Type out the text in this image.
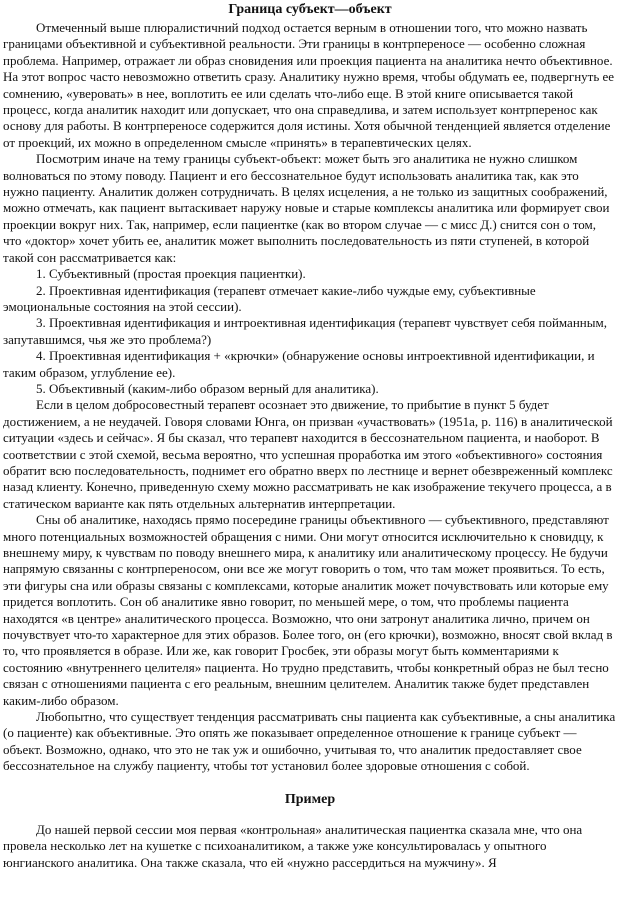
Граница субъект—объект

Отмеченный выше плюралистичний подход остается верным в отношении того, что можно назвать границами объективной и субъективной реальности. Эти границы в контрпереносе — особенно сложная проблема. Например, отражает ли образ сновидения или проекция пациента на аналитика нечто объективное. На этот вопрос часто невозможно ответить сразу. Аналитику нужно время, чтобы обдумать ее, подвергнуть ее сомнению, «уверовать» в нее, воплотить ее или сделать что-либо еще. В этой книге описывается такой процесс, когда аналитик находит или допускает, что она справедлива, и затем использует контрперенос как основу для работы. В контрпереносе содержится доля истины. Хотя обычной тенденцией является отделение от проекций, их можно в определенном смысле «принять» в терапевтических целях.

Посмотрим иначе на тему границы субъект-объект: может быть эго аналитика не нужно слишком волноваться по этому поводу. Пациент и его бессознательное будут использовать аналитика так, как это нужно пациенту. Аналитик должен сотрудничать. В целях исцеления, а не только из защитных соображений, можно отмечать, как пациент вытаскивает наружу новые и старые комплексы аналитика или формирует свои проекции вокруг них. Так, например, если пациентке (как во втором случае — с мисс Д.) снится сон о том, что «доктор» хочет убить ее, аналитик может выполнить последовательность из пяти ступеней, в которой такой сон рассматривается как:

1. Субъективный (простая проекция пациентки).

2. Проективная идентификация (терапевт отмечает какие-либо чуждые ему, субъективные эмоциональные состояния на этой сессии).

3. Проективная идентификация и интроективная идентификация (терапевт чувствует себя пойманным, запутавшимся, чья же это проблема?)

4. Проективная идентификация + «крючки» (обнаружение основы интроективной идентификации, и таким образом, углубление ее).

5. Объективный (каким-либо образом верный для аналитика).

Если в целом добросовестный терапевт осознает это движение, то прибытие в пункт 5 будет достижением, а не неудачей. Говоря словами Юнга, он призван «участвовать» (1951а, р. 116) в аналитической ситуации «здесь и сейчас». Я бы сказал, что терапевт находится в бессознательном пациента, и наоборот. В соответствии с этой схемой, весьма вероятно, что успешная проработка им этого «объективного» состояния обратит всю последовательность, поднимет его обратно вверх по лестнице и вернет обезвреженный комплекс назад клиенту. Конечно, приведенную схему можно рассматривать не как изображение текучего процесса, а в статическом варианте как пять отдельных альтернатив интерпретации.

Сны об аналитике, находясь прямо посередине границы объективного — субъективного, представляют много потенциальных возможностей обращения с ними. Они могут относится исключительно к сновидцу, к внешнему миру, к чувствам по поводу внешнего мира, к аналитику или аналитическому процессу. Не будучи напрямую связанны с контрпереносом, они все же могут говорить о том, что там может проявиться. То есть, эти фигуры сна или образы связаны с комплексами, которые аналитик может почувствовать или которые ему придется воплотить. Сон об аналитике явно говорит, по меньшей мере, о том, что проблемы пациента находятся «в центре» аналитического процесса. Возможно, что они затронут аналитика лично, причем он почувствует что-то характерное для этих образов. Более того, он (его крючки), возможно, вносят свой вклад в то, что проявляется в образе. Или же, как говорит Гросбек, эти образы могут быть комментариями к состоянию «внутреннего целителя» пациента. Но трудно представить, чтобы конкретный образ не был тесно связан с отношениями пациента с его реальным, внешним целителем. Аналитик также будет представлен каким-либо образом.

Любопытно, что существует тенденция рассматривать сны пациента как субъективные, а сны аналитика (о пациенте) как объективные. Это опять же показывает определенное отношение к границе субъект — объект. Возможно, однако, что это не так уж и ошибочно, учитывая то, что аналитик предоставляет свое бессознательное на службу пациенту, чтобы тот установил более здоровые отношения с собой.

Пример

До нашей первой сессии моя первая «контрольная» аналитическая пациентка сказала мне, что она провела несколько лет на кушетке с психоаналитиком, а также уже консультировалась у опытного юнгианского аналитика. Она также сказала, что ей «нужно рассердиться на мужчину». Я
